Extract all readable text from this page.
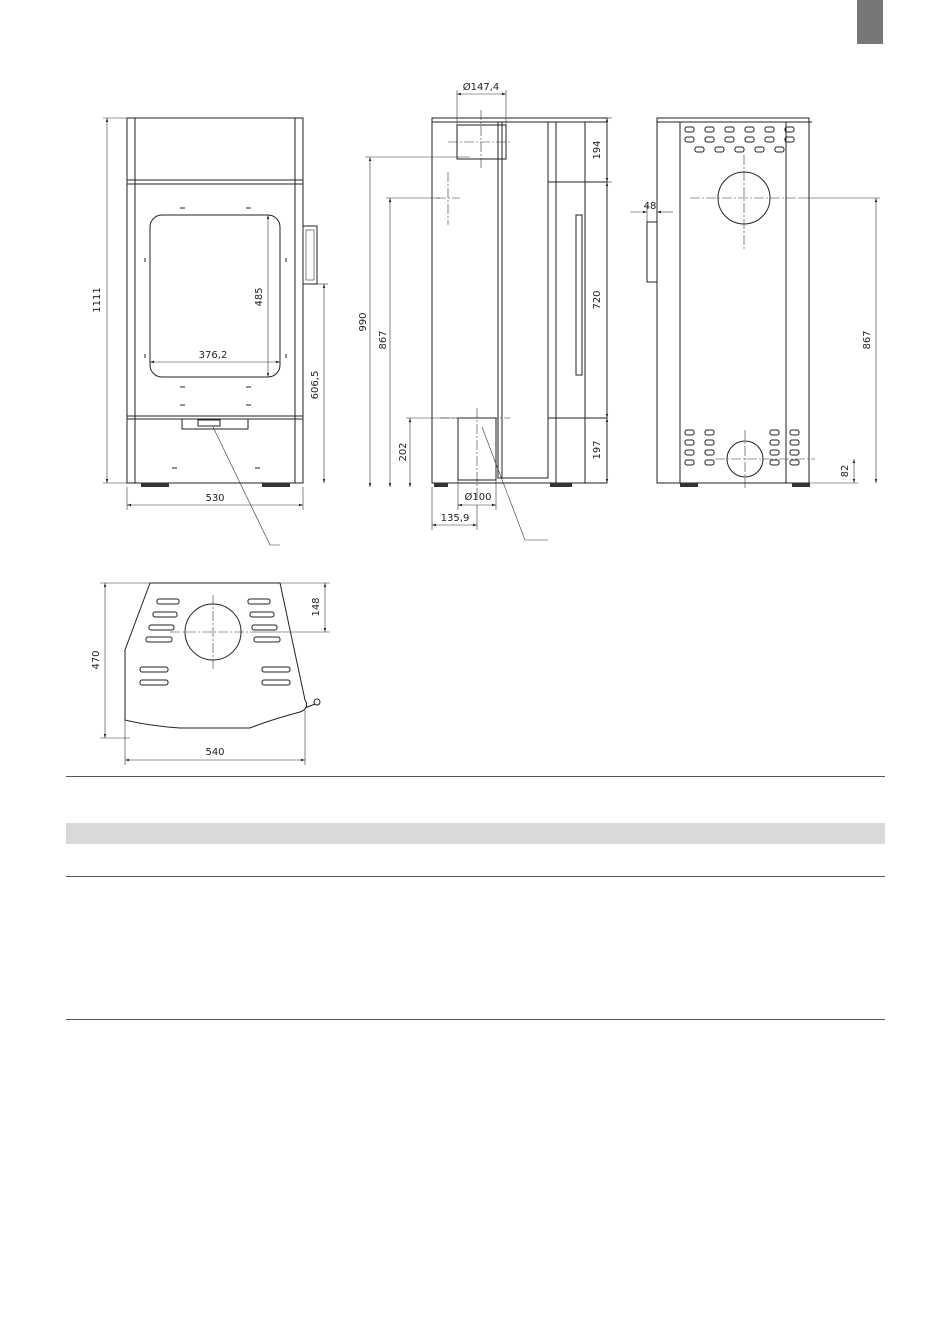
1111	485
376,2
606,5
530
Ø147,4
194
720
197
990
867
202
Ø100
135,9
48
867
82
470
148
540
